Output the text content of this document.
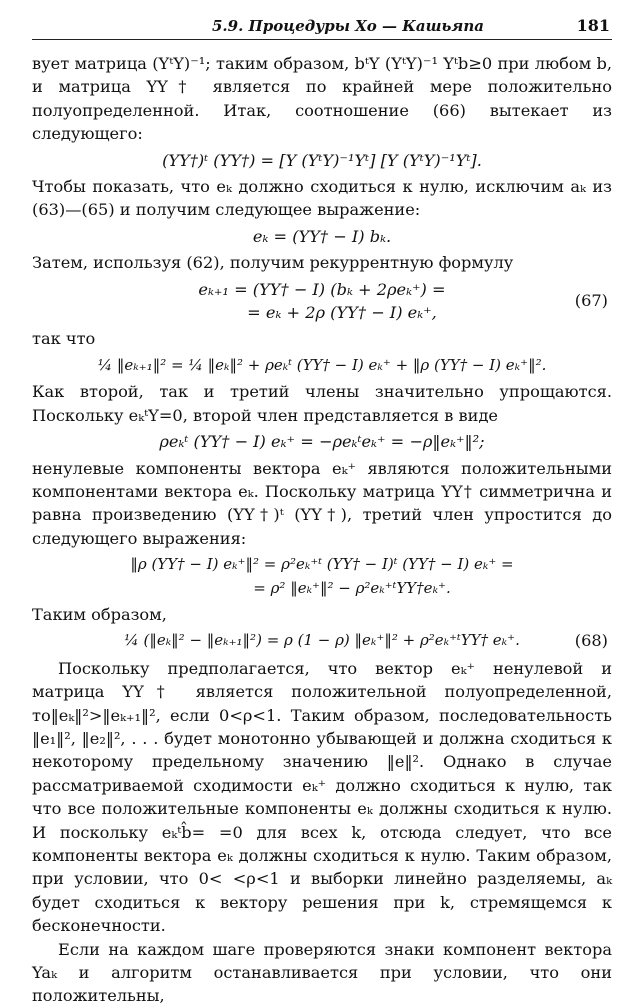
5.9. Процедуры Хо — Кашьяпа	181

вует матрица (YᵗY)⁻¹; таким образом, bᵗY (YᵗY)⁻¹ Yᵗb≥0 при любом b, и матрица YY† является по крайней мере положительно полуопределенной. Итак, соотношение (66) вытекает из следующего:

(YY†)ᵗ (YY†) = [Y (YᵗY)⁻¹Yᵗ] [Y (YᵗY)⁻¹Yᵗ].

Чтобы показать, что eₖ должно сходиться к нулю, исключим aₖ из (63)—(65) и получим следующее выражение:

eₖ = (YY† − I) bₖ.

Затем, используя (62), получим рекуррентную формулу

eₖ₊₁ = (YY† − I) (bₖ + 2ρeₖ⁺) =
= eₖ + 2ρ (YY† − I) eₖ⁺,
(67)

так что

¼ ‖eₖ₊₁‖² = ¼ ‖eₖ‖² + ρeₖᵗ (YY† − I) eₖ⁺ + ‖ρ (YY† − I) eₖ⁺‖².

Как второй, так и третий члены значительно упрощаются. Поскольку eₖᵗY=0, второй член представляется в виде

ρeₖᵗ (YY† − I) eₖ⁺ = −ρeₖᵗeₖ⁺ = −ρ‖eₖ⁺‖²;

ненулевые компоненты вектора eₖ⁺ являются положительными компонентами вектора eₖ. Поскольку матрица YY† симметрична и равна произведению (YY†)ᵗ (YY†), третий член упростится до следующего выражения:

‖ρ (YY† − I) eₖ⁺‖² = ρ²eₖ⁺ᵗ (YY† − I)ᵗ (YY† − I) eₖ⁺ =
= ρ² ‖eₖ⁺‖² − ρ²eₖ⁺ᵗYY†eₖ⁺.

Таким образом,

¼ (‖eₖ‖² − ‖eₖ₊₁‖²) = ρ (1 − ρ) ‖eₖ⁺‖² + ρ²eₖ⁺ᵗYY† eₖ⁺.	(68)

Поскольку предполагается, что вектор eₖ⁺ ненулевой и матрица YY† является положительной полуопределенной, то‖eₖ‖²>‖eₖ₊₁‖², если 0<ρ<1. Таким образом, последовательность ‖e₁‖², ‖e₂‖², . . . будет монотонно убывающей и должна сходиться к некоторому предельному значению ‖e‖². Однако в случае рассматриваемой сходимости eₖ⁺ должно сходиться к нулю, так что все положительные компоненты eₖ должны сходиться к нулю. И поскольку eₖᵗb̂= =0 для всех k, отсюда следует, что все компоненты вектора eₖ должны сходиться к нулю. Таким образом, при условии, что 0< <ρ<1 и выборки линейно разделяемы, aₖ будет сходиться к вектору решения при k, стремящемся к бесконечности.

Если на каждом шаге проверяются знаки компонент вектора Yaₖ и алгоритм останавливается при условии, что они положительны,
